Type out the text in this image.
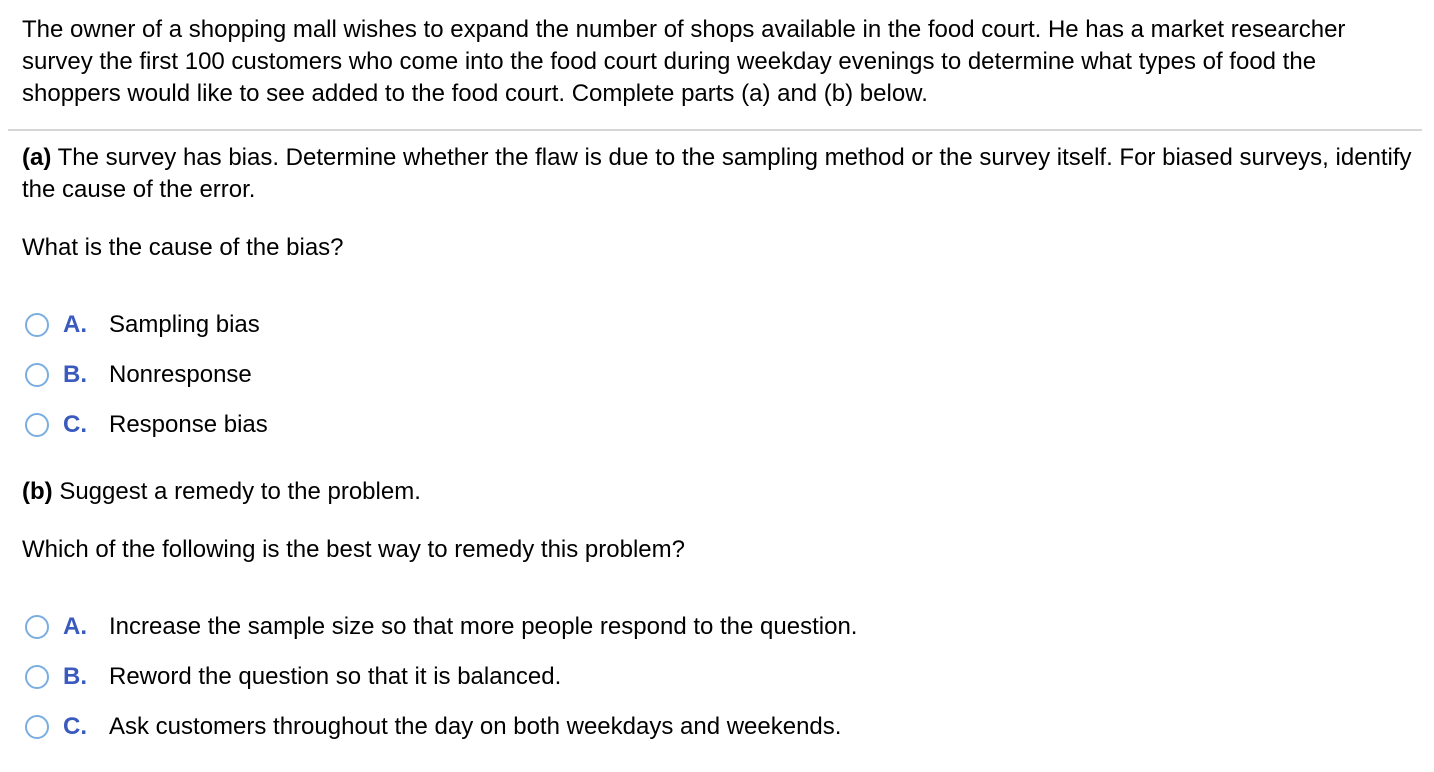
The owner of a shopping mall wishes to expand the number of shops available in the food court. He has a market researcher survey the first 100 customers who come into the food court during weekday evenings to determine what types of food the shoppers would like to see added to the food court. Complete parts (a) and (b) below.
(a) The survey has bias. Determine whether the flaw is due to the sampling method or the survey itself. For biased surveys, identify the cause of the error.
What is the cause of the bias?
A. Sampling bias
B. Nonresponse
C. Response bias
(b) Suggest a remedy to the problem.
Which of the following is the best way to remedy this problem?
A. Increase the sample size so that more people respond to the question.
B. Reword the question so that it is balanced.
C. Ask customers throughout the day on both weekdays and weekends.
